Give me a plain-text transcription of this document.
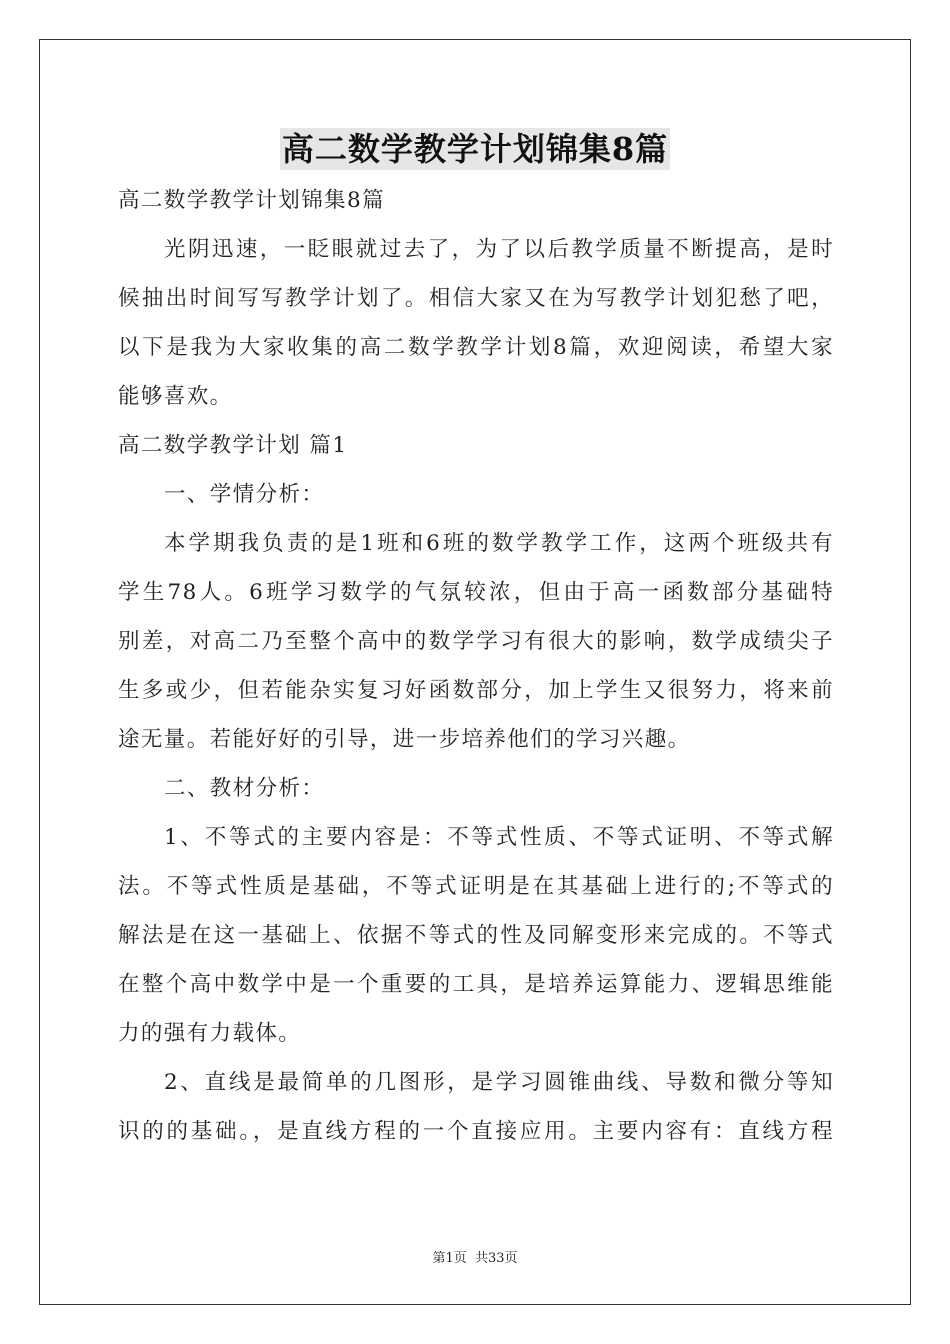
高二数学教学计划锦集8篇
高二数学教学计划锦集8篇
光阴迅速，一眨眼就过去了，为了以后教学质量不断提高，是时
候抽出时间写写教学计划了。相信大家又在为写教学计划犯愁了吧，
以下是我为大家收集的高二数学教学计划8篇，欢迎阅读，希望大家
能够喜欢。
高二数学教学计划 篇1
一、学情分析：
本学期我负责的是1班和6班的数学教学工作，这两个班级共有
学生78人。6班学习数学的气氛较浓，但由于高一函数部分基础特
别差，对高二乃至整个高中的数学学习有很大的影响，数学成绩尖子
生多或少，但若能杂实复习好函数部分，加上学生又很努力，将来前
途无量。若能好好的引导，进一步培养他们的学习兴趣。
二、教材分析：
1、不等式的主要内容是：不等式性质、不等式证明、不等式解
法。不等式性质是基础，不等式证明是在其基础上进行的;不等式的
解法是在这一基础上、依据不等式的性及同解变形来完成的。不等式
在整个高中数学中是一个重要的工具，是培养运算能力、逻辑思维能
力的强有力载体。
2、直线是最简单的几图形，是学习圆锥曲线、导数和微分等知
识的的基础。，是直线方程的一个直接应用。主要内容有：直线方程
第1页 共33页
